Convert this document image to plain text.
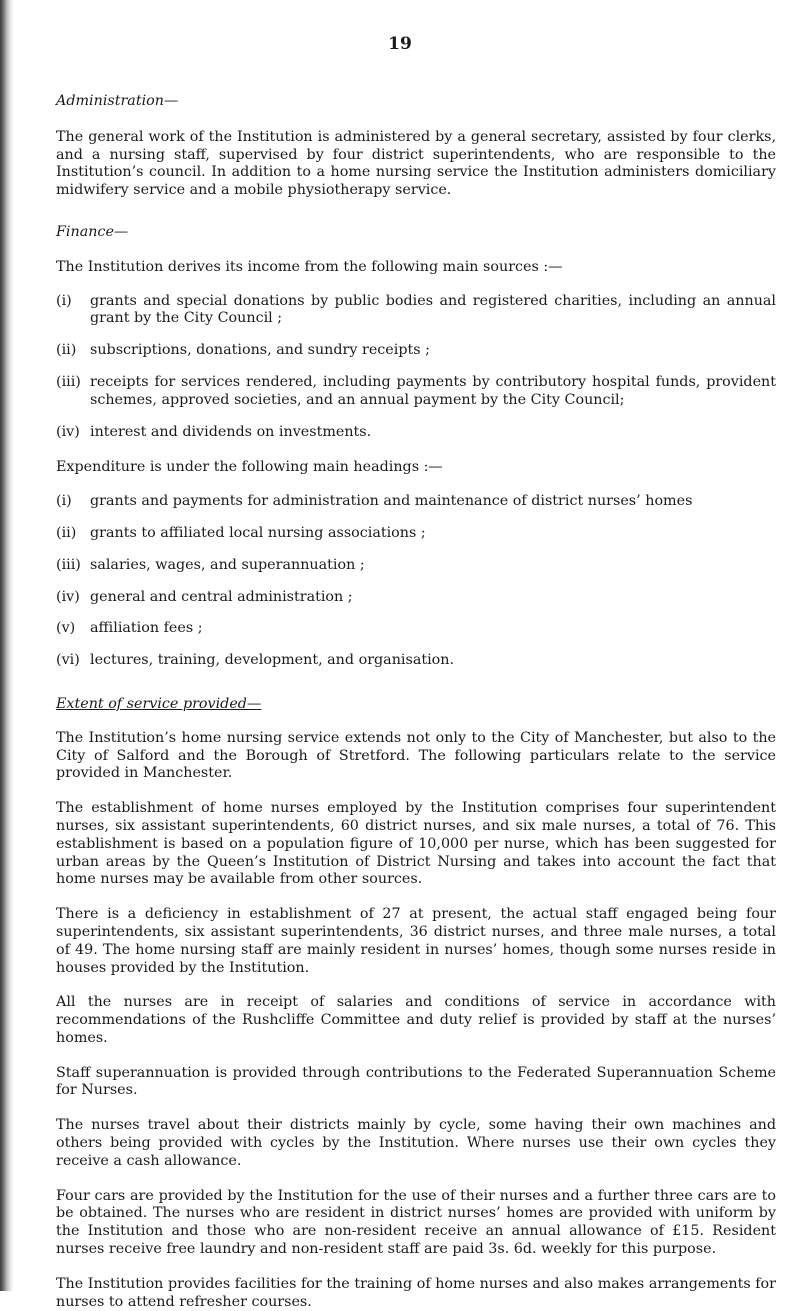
19

Administration—

The general work of the Institution is administered by a general secretary, assisted by four clerks, and a nursing staff, supervised by four district superintendents, who are responsible to the Institution’s council. In addition to a home nursing service the Institution administers domiciliary midwifery service and a mobile physiotherapy service.

Finance—

The Institution derives its income from the following main sources :—

(i)	grants and special donations by public bodies and registered charities, including an annual grant by the City Council ;
(ii) subscriptions, donations, and sundry receipts ;
(iii) receipts for services rendered, including payments by contributory hospital funds, provident schemes, approved societies, and an annual payment by the City Council;
(iv) interest and dividends on investments.

Expenditure is under the following main headings :—

(i)	grants and payments for administration and maintenance of district nurses’ homes
(ii) grants to affiliated local nursing associations ;
(iii) salaries, wages, and superannuation ;
(iv) general and central administration ;
(v)	affiliation fees ;
(vi) lectures, training, development, and organisation.

Extent of service provided—

The Institution’s home nursing service extends not only to the City of Manchester, but also to the City of Salford and the Borough of Stretford. The following particulars relate to the service provided in Manchester.

The establishment of home nurses employed by the Institution comprises four superintendent nurses, six assistant superintendents, 60 district nurses, and six male nurses, a total of 76. This establishment is based on a population figure of 10,000 per nurse, which has been suggested for urban areas by the Queen’s Institution of District Nursing and takes into account the fact that home nurses may be available from other sources.

There is a deficiency in establishment of 27 at present, the actual staff engaged being four superintendents, six assistant superintendents, 36 district nurses, and three male nurses, a total of 49. The home nursing staff are mainly resident in nurses’ homes, though some nurses reside in houses provided by the Institution.

All the nurses are in receipt of salaries and conditions of service in accordance with recommendations of the Rushcliffe Committee and duty relief is provided by staff at the nurses’ homes.

Staff superannuation is provided through contributions to the Federated Superannuation Scheme for Nurses.

The nurses travel about their districts mainly by cycle, some having their own machines and others being provided with cycles by the Institution. Where nurses use their own cycles they receive a cash allowance.

Four cars are provided by the Institution for the use of their nurses and a further three cars are to be obtained. The nurses who are resident in district nurses’ homes are provided with uniform by the Institution and those who are non-resident receive an annual allowance of £15. Resident nurses receive free laundry and non-resident staff are paid 3s. 6d. weekly for this purpose.

The Institution provides facilities for the training of home nurses and also makes arrangements for nurses to attend refresher courses.
